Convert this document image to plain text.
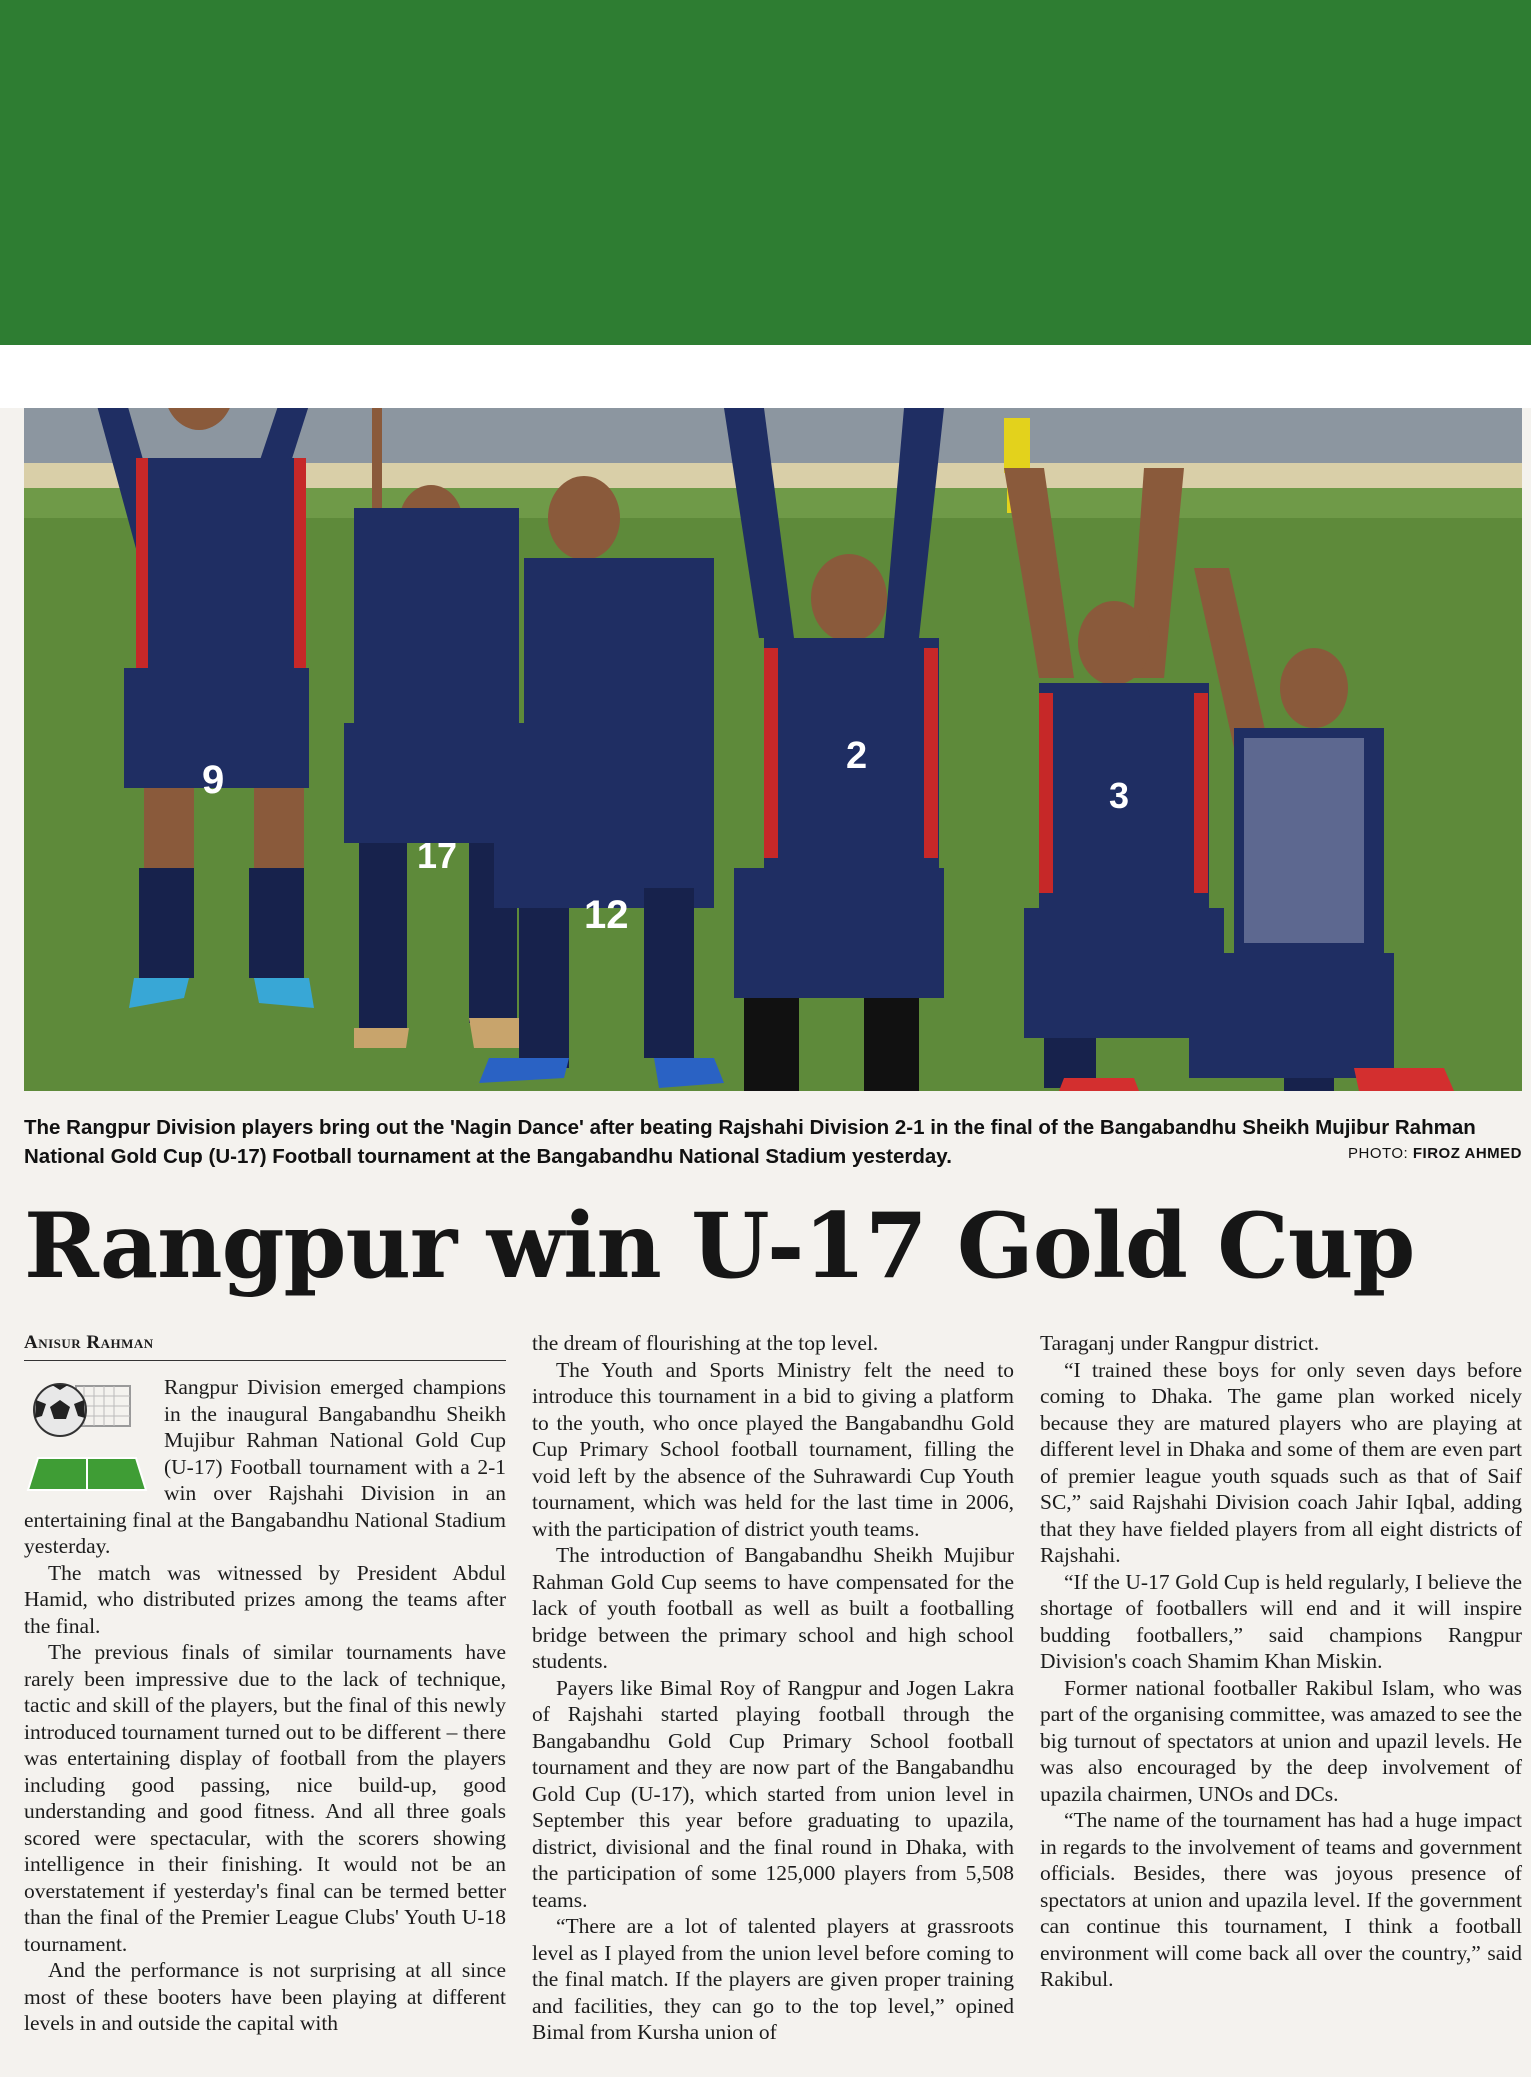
9
17
12
2
3
The Rangpur Division players bring out the 'Nagin Dance' after beating Rajshahi Division 2-1 in the final of the Bangabandhu Sheikh Mujibur Rahman National Gold Cup (U-17) Football tournament at the Bangabandhu National Stadium yesterday.	PHOTO: FIROZ AHMED
Rangpur win U-17 Gold Cup
Anisur Rahman

Rangpur Division emerged champions in the inaugural Bangabandhu Sheikh Mujibur Rahman National Gold Cup (U-17) Football tournament with a 2-1 win over Rajshahi Division in an entertaining final at the Bangabandhu National Stadium yesterday.

The match was witnessed by President Abdul Hamid, who distributed prizes among the teams after the final.

The previous finals of similar tournaments have rarely been impressive due to the lack of technique, tactic and skill of the players, but the final of this newly introduced tournament turned out to be different – there was entertaining display of football from the players including good passing, nice build-up, good understanding and good fitness. And all three goals scored were spectacular, with the scorers showing intelligence in their finishing. It would not be an overstatement if yesterday's final can be termed better than the final of the Premier League Clubs' Youth U-18 tournament.

And the performance is not surprising at all since most of these booters have been playing at different levels in and outside the capital with

the dream of flourishing at the top level.

The Youth and Sports Ministry felt the need to introduce this tournament in a bid to giving a platform to the youth, who once played the Bangabandhu Gold Cup Primary School football tournament, filling the void left by the absence of the Suhrawardi Cup Youth tournament, which was held for the last time in 2006, with the participation of district youth teams.

The introduction of Bangabandhu Sheikh Mujibur Rahman Gold Cup seems to have compensated for the lack of youth football as well as built a footballing bridge between the primary school and high school students.

Payers like Bimal Roy of Rangpur and Jogen Lakra of Rajshahi started playing football through the Bangabandhu Gold Cup Primary School football tournament and they are now part of the Bangabandhu Gold Cup (U-17), which started from union level in September this year before graduating to upazila, district, divisional and the final round in Dhaka, with the participation of some 125,000 players from 5,508 teams.

“There are a lot of talented players at grassroots level as I played from the union level before coming to the final match. If the players are given proper training and facilities, they can go to the top level,” opined Bimal from Kursha union of

Taraganj under Rangpur district.

“I trained these boys for only seven days before coming to Dhaka. The game plan worked nicely because they are matured players who are playing at different level in Dhaka and some of them are even part of premier league youth squads such as that of Saif SC,” said Rajshahi Division coach Jahir Iqbal, adding that they have fielded players from all eight districts of Rajshahi.

“If the U-17 Gold Cup is held regularly, I believe the shortage of footballers will end and it will inspire budding footballers,” said champions Rangpur Division's coach Shamim Khan Miskin.

Former national footballer Rakibul Islam, who was part of the organising committee, was amazed to see the big turnout of spectators at union and upazil levels. He was also encouraged by the deep involvement of upazila chairmen, UNOs and DCs.

“The name of the tournament has had a huge impact in regards to the involvement of teams and government officials. Besides, there was joyous presence of spectators at union and upazila level. If the government can continue this tournament, I think a football environment will come back all over the country,” said Rakibul.
